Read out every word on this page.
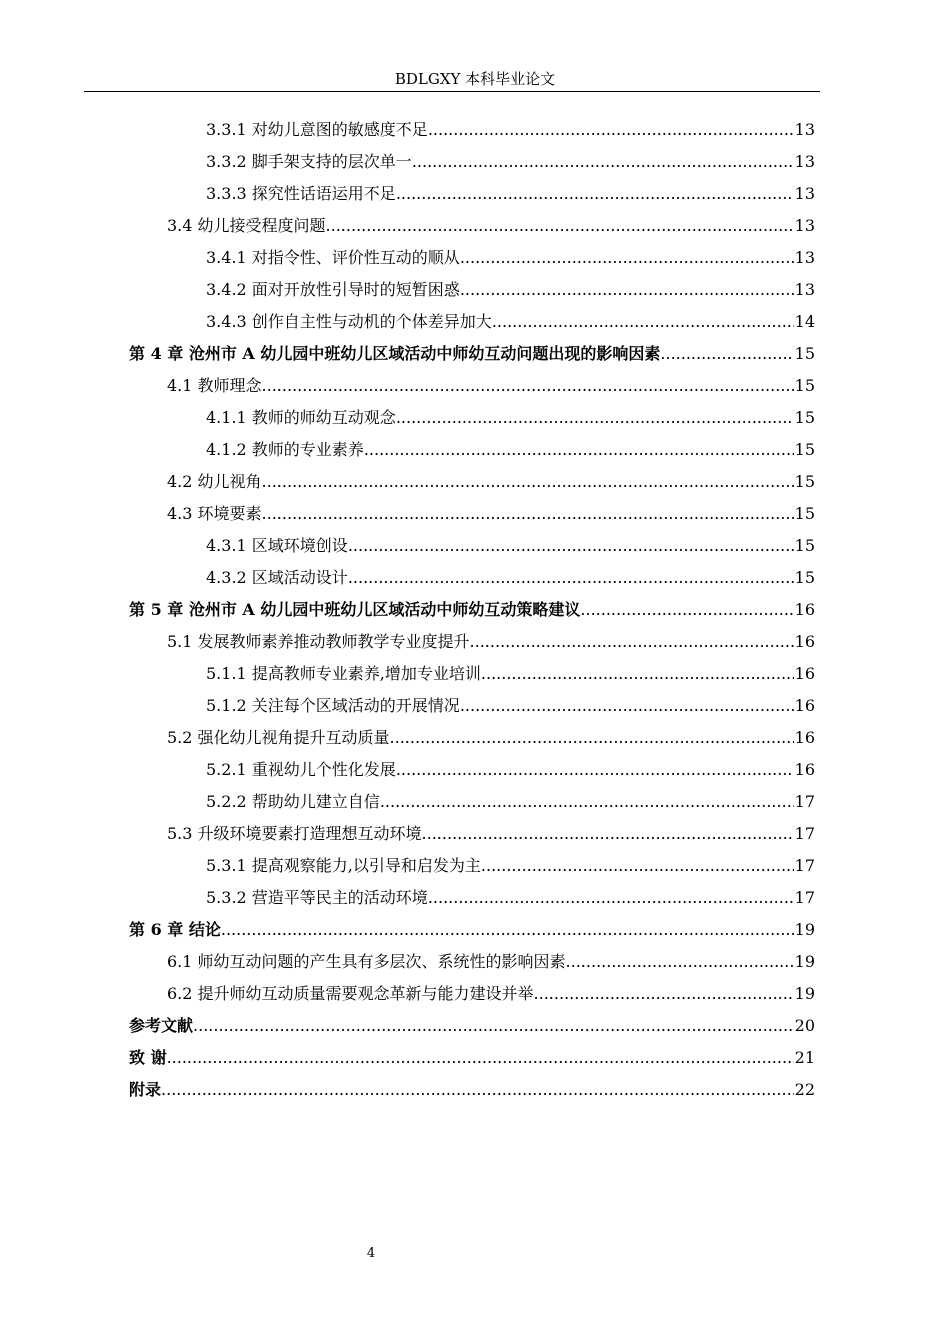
BDLGXY 本科毕业论文
3.3.1 对幼儿意图的敏感度不足 .....	13
3.3.2 脚手架支持的层次单一 .....	13
3.3.3 探究性话语运用不足 .....	13
3.4 幼儿接受程度问题 .....	13
3.4.1 对指令性、评价性互动的顺从 .....	13
3.4.2 面对开放性引导时的短暂困惑 .....	13
3.4.3 创作自主性与动机的个体差异加大 .....	14
第 4 章 沧州市 A 幼儿园中班幼儿区域活动中师幼互动问题出现的影响因素 .....	15
4.1 教师理念 .....	15
4.1.1 教师的师幼互动观念 .....	15
4.1.2 教师的专业素养 .....	15
4.2 幼儿视角 .....	15
4.3 环境要素 .....	15
4.3.1 区域环境创设 .....	15
4.3.2 区域活动设计 .....	15
第 5 章 沧州市 A 幼儿园中班幼儿区域活动中师幼互动策略建议 .....	16
5.1 发展教师素养推动教师教学专业度提升 .....	16
5.1.1 提高教师专业素养,增加专业培训 .....	16
5.1.2 关注每个区域活动的开展情况 .....	16
5.2 强化幼儿视角提升互动质量 .....	16
5.2.1 重视幼儿个性化发展 .....	16
5.2.2 帮助幼儿建立自信 .....	17
5.3 升级环境要素打造理想互动环境 .....	17
5.3.1 提高观察能力,以引导和启发为主 .....	17
5.3.2 营造平等民主的活动环境 .....	17
第 6 章 结论 .....	19
6.1 师幼互动问题的产生具有多层次、系统性的影响因素 .....	19
6.2 提升师幼互动质量需要观念革新与能力建设并举 .....	19
参考文献 .....	20
致 谢 .....	21
附录 .....	22
4
